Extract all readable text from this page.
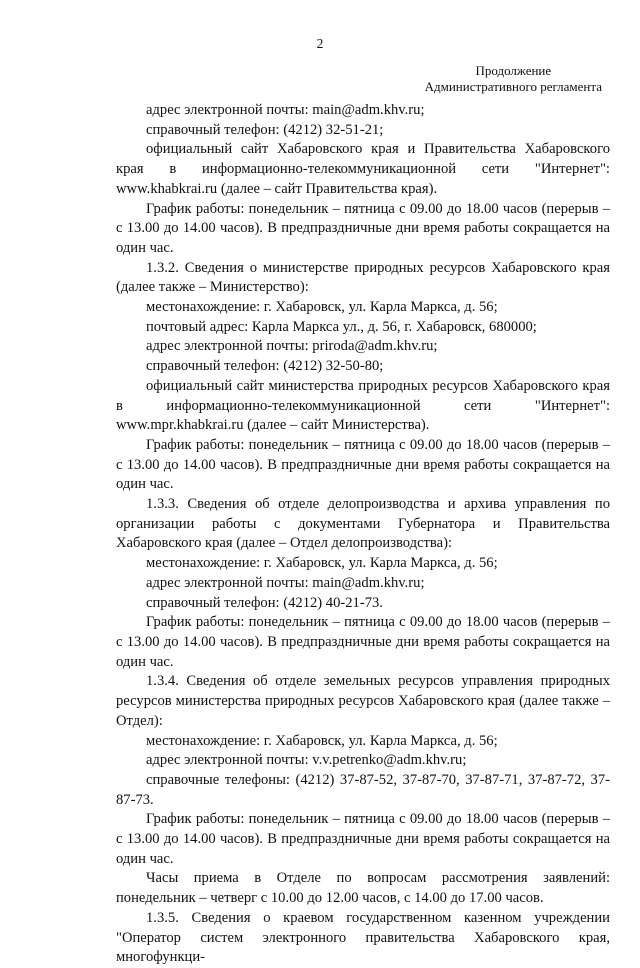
2
Продолжение
Административного регламента

адрес электронной почты: main@adm.khv.ru;

справочный телефон: (4212) 32-51-21;

официальный сайт Хабаровского края и Правительства Хабаровского края в информационно-телекоммуникационной сети "Интернет": www.khabkrai.ru (далее – сайт Правительства края).

График работы: понедельник – пятница с 09.00 до 18.00 часов (перерыв – с 13.00 до 14.00 часов). В предпраздничные дни время работы сокращается на один час.

1.3.2. Сведения о министерстве природных ресурсов Хабаровского края (далее также – Министерство):

местонахождение: г. Хабаровск, ул. Карла Маркса, д. 56;

почтовый адрес: Карла Маркса ул., д. 56, г. Хабаровск, 680000;

адрес электронной почты: priroda@adm.khv.ru;

справочный телефон: (4212) 32-50-80;

официальный сайт министерства природных ресурсов Хабаровского края в информационно-телекоммуникационной сети "Интернет": www.mpr.khabkrai.ru (далее – сайт Министерства).

График работы: понедельник – пятница с 09.00 до 18.00 часов (перерыв – с 13.00 до 14.00 часов). В предпраздничные дни время работы сокращается на один час.

1.3.3. Сведения об отделе делопроизводства и архива управления по организации работы с документами Губернатора и Правительства Хабаровского края (далее – Отдел делопроизводства):

местонахождение: г. Хабаровск, ул. Карла Маркса, д. 56;

адрес электронной почты: main@adm.khv.ru;

справочный телефон: (4212) 40-21-73.

График работы: понедельник – пятница с 09.00 до 18.00 часов (перерыв – с 13.00 до 14.00 часов). В предпраздничные дни время работы сокращается на один час.

1.3.4. Сведения об отделе земельных ресурсов управления природных ресурсов министерства природных ресурсов Хабаровского края (далее также – Отдел):

местонахождение: г. Хабаровск, ул. Карла Маркса, д. 56;

адрес электронной почты: v.v.petrenko@adm.khv.ru;

справочные телефоны: (4212) 37-87-52, 37-87-70, 37-87-71, 37-87-72, 37-87-73.

График работы: понедельник – пятница с 09.00 до 18.00 часов (перерыв – с 13.00 до 14.00 часов). В предпраздничные дни время работы сокращается на один час.

Часы приема в Отделе по вопросам рассмотрения заявлений: понедельник – четверг с 10.00 до 12.00 часов, с 14.00 до 17.00 часов.

1.3.5. Сведения о краевом государственном казенном учреждении "Оператор систем электронного правительства Хабаровского края, многофункци-
